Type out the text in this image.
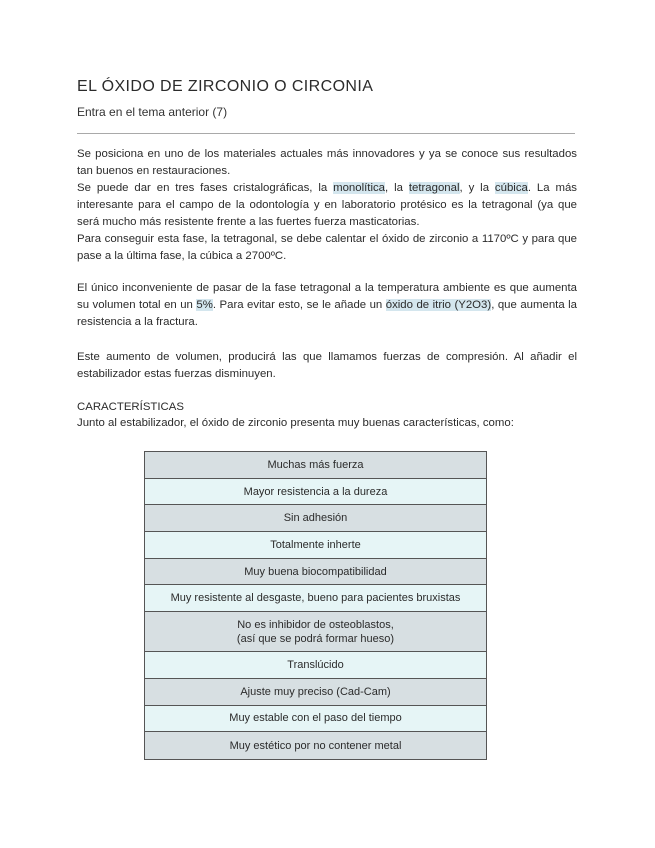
EL ÓXIDO DE ZIRCONIO O CIRCONIA
Entra en el tema anterior (7)
Se posiciona en uno de los materiales actuales más innovadores y ya se conoce sus resultados tan buenos en restauraciones.
Se puede dar en tres fases cristalográficas, la monolítica, la tetragonal, y la cúbica. La más interesante para el campo de la odontología y en laboratorio protésico es la tetragonal (ya que será mucho más resistente frente a las fuertes fuerza masticatorias.
Para conseguir esta fase, la tetragonal, se debe calentar el óxido de zirconio a 1170ºC y para que pase a la última fase, la cúbica a 2700ºC.
El único inconveniente de pasar de la fase tetragonal a la temperatura ambiente es que aumenta su volumen total en un 5%. Para evitar esto, se le añade un óxido de itrio (Y2O3), que aumenta la resistencia a la fractura.
Este aumento de volumen, producirá las que llamamos fuerzas de compresión. Al añadir el estabilizador estas fuerzas disminuyen.
CARACTERÍSTICAS
Junto al estabilizador, el óxido de zirconio presenta muy buenas características, como:
Muchas más fuerza
Mayor resistencia a la dureza
Sin adhesión
Totalmente inherte
Muy buena biocompatibilidad
Muy resistente al desgaste, bueno para pacientes bruxistas
No es inhibidor de osteoblastos,
(así que se podrá formar hueso)
Translúcido
Ajuste muy preciso (Cad-Cam)
Muy estable con el paso del tiempo
Muy estético por no contener metal
